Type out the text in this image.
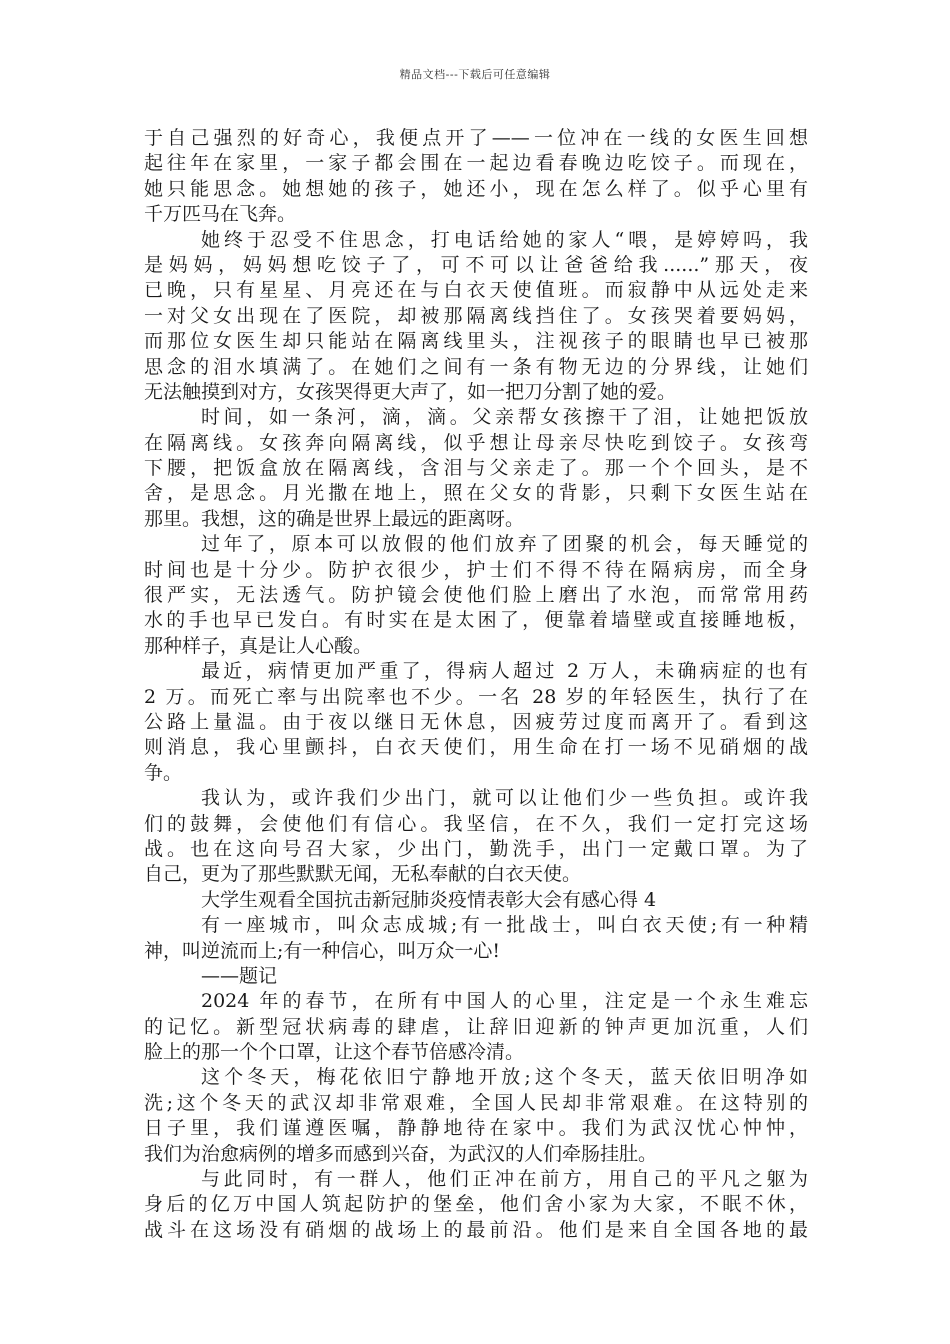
精品文档---下载后可任意编辑
于自己强烈的好奇心，我便点开了——一位冲在一线的女医生回想
起往年在家里，一家子都会围在一起边看春晚边吃饺子。而现在，
她只能思念。她想她的孩子，她还小，现在怎么样了。似乎心里有
千万匹马在飞奔。
她终于忍受不住思念，打电话给她的家人“喂，是婷婷吗，我
是妈妈，妈妈想吃饺子了，可不可以让爸爸给我......”那天，夜
已晚，只有星星、月亮还在与白衣天使值班。而寂静中从远处走来
一对父女出现在了医院，却被那隔离线挡住了。女孩哭着要妈妈，
而那位女医生却只能站在隔离线里头，注视孩子的眼睛也早已被那
思念的泪水填满了。在她们之间有一条有物无边的分界线，让她们
无法触摸到对方，女孩哭得更大声了，如一把刀分割了她的爱。
时间，如一条河，滴，滴。父亲帮女孩擦干了泪，让她把饭放
在隔离线。女孩奔向隔离线，似乎想让母亲尽快吃到饺子。女孩弯
下腰，把饭盒放在隔离线，含泪与父亲走了。那一个个回头，是不
舍，是思念。月光撒在地上，照在父女的背影，只剩下女医生站在
那里。我想，这的确是世界上最远的距离呀。
过年了，原本可以放假的他们放弃了团聚的机会，每天睡觉的
时间也是十分少。防护衣很少，护士们不得不待在隔病房，而全身
很严实，无法透气。防护镜会使他们脸上磨出了水泡，而常常用药
水的手也早已发白。有时实在是太困了，便靠着墙壁或直接睡地板，
那种样子，真是让人心酸。
最近，病情更加严重了，得病人超过 2 万人，未确病症的也有
2 万。而死亡率与出院率也不少。一名 28 岁的年轻医生，执行了在
公路上量温。由于夜以继日无休息，因疲劳过度而离开了。看到这
则消息，我心里颤抖，白衣天使们，用生命在打一场不见硝烟的战
争。
我认为，或许我们少出门，就可以让他们少一些负担。或许我
们的鼓舞，会使他们有信心。我坚信，在不久，我们一定打完这场
战。也在这向号召大家，少出门，勤洗手，出门一定戴口罩。为了
自己，更为了那些默默无闻，无私奉献的白衣天使。
大学生观看全国抗击新冠肺炎疫情表彰大会有感心得 4
有一座城市，叫众志成城;有一批战士，叫白衣天使;有一种精
神，叫逆流而上;有一种信心，叫万众一心!
——题记
2024 年的春节，在所有中国人的心里，注定是一个永生难忘
的记忆。新型冠状病毒的肆虐，让辞旧迎新的钟声更加沉重，人们
脸上的那一个个口罩，让这个春节倍感冷清。
这个冬天，梅花依旧宁静地开放;这个冬天，蓝天依旧明净如
洗;这个冬天的武汉却非常艰难，全国人民却非常艰难。在这特别的
日子里，我们谨遵医嘱，静静地待在家中。我们为武汉忧心忡忡，
我们为治愈病例的增多而感到兴奋，为武汉的人们牵肠挂肚。
与此同时，有一群人，他们正冲在前方，用自己的平凡之躯为
身后的亿万中国人筑起防护的堡垒，他们舍小家为大家，不眠不休，
战斗在这场没有硝烟的战场上的最前沿。他们是来自全国各地的最
